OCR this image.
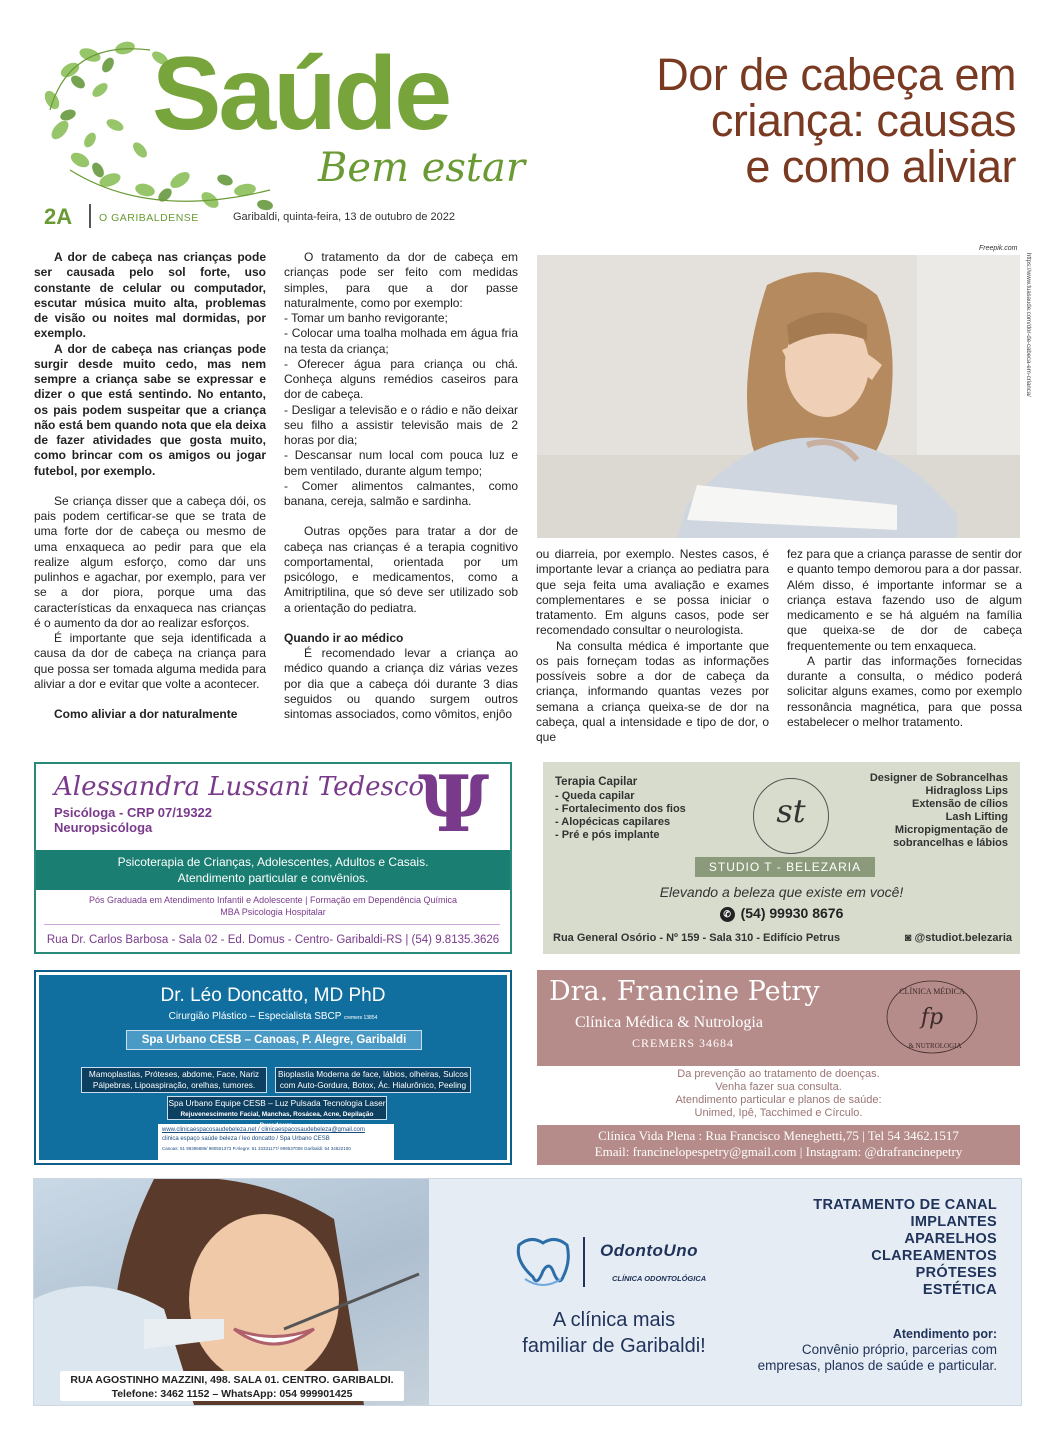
Saúde
Bem estar
2A	O GARIBALDENSE	Garibaldi, quinta-feira, 13 de outubro de 2022
Dor de cabeça em
criança: causas
e como aliviar

A dor de cabeça nas crianças pode ser causada pelo sol forte, uso constante de celular ou computador, escutar música muito alta, problemas de visão ou noites mal dormidas, por exemplo.

A dor de cabeça nas crianças pode surgir desde muito cedo, mas nem sempre a criança sabe se expressar e dizer o que está sentindo. No entanto, os pais podem suspeitar que a criança não está bem quando nota que ela deixa de fazer atividades que gosta muito, como brincar com os amigos ou jogar futebol, por exemplo.

Se criança disser que a cabeça dói, os pais podem certificar-se que se trata de uma forte dor de cabeça ou mesmo de uma enxaqueca ao pedir para que ela realize algum esforço, como dar uns pulinhos e agachar, por exemplo, para ver se a dor piora, porque uma das características da enxaqueca nas crianças é o aumento da dor ao realizar esforços.

É importante que seja identificada a causa da dor de cabeça na criança para que possa ser tomada alguma medida para aliviar a dor e evitar que volte a acontecer.

Como aliviar a dor naturalmente

O tratamento da dor de cabeça em crianças pode ser feito com medidas simples, para que a dor passe naturalmente, como por exemplo:

- Tomar um banho revigorante;

- Colocar uma toalha molhada em água fria na testa da criança;

- Oferecer água para criança ou chá. Conheça alguns remédios caseiros para dor de cabeça.

- Desligar a televisão e o rádio e não deixar seu filho a assistir televisão mais de 2 horas por dia;

- Descansar num local com pouca luz e bem ventilado, durante algum tempo;

- Comer alimentos calmantes, como banana, cereja, salmão e sardinha.

Outras opções para tratar a dor de cabeça nas crianças é a terapia cognitivo comportamental, orientada por um psicólogo, e medicamentos, como a Amitriptilina, que só deve ser utilizado sob a orientação do pediatra.

Quando ir ao médico

É recomendado levar a criança ao médico quando a criança diz várias vezes por dia que a cabeça dói durante 3 dias seguidos ou quando surgem outros sintomas associados, como vômitos, enjôo

Freepik.com
https://www.tuasaude.com/dor-de-cabeca-em-crianca/

ou diarreia, por exemplo. Nestes casos, é importante levar a criança ao pediatra para que seja feita uma avaliação e exames complementares e se possa iniciar o tratamento. Em alguns casos, pode ser recomendado consultar o neurologista.

Na consulta médica é importante que os pais forneçam todas as informações possíveis sobre a dor de cabeça da criança, informando quantas vezes por semana a criança queixa-se de dor na cabeça, qual a intensidade e tipo de dor, o que

fez para que a criança parasse de sentir dor e quanto tempo demorou para a dor passar. Além disso, é importante informar se a criança estava fazendo uso de algum medicamento e se há alguém na família que queixa-se de dor de cabeça frequentemente ou tem enxaqueca.

A partir das informações fornecidas durante a consulta, o médico poderá solicitar alguns exames, como por exemplo ressonância magnética, para que possa estabelecer o melhor tratamento.

Alessandra Lussani Tedesco
Psicóloga - CRP 07/19322
Neuropsicóloga	Ψ
Psicoterapia de Crianças, Adolescentes, Adultos e Casais.
Atendimento particular e convênios.
Pós Graduada em Atendimento Infantil e Adolescente | Formação em Dependência Química
MBA Psicologia Hospitalar
Rua Dr. Carlos Barbosa - Sala 02 - Ed. Domus - Centro- Garibaldi-RS | (54) 9.8135.3626
Terapia Capilar
- Queda capilar
- Fortalecimento dos fios
- Alopécicas capilares
- Pré e pós implante
Designer de Sobrancelhas
Hidragloss Lips
Extensão de cílios
Lash Lifting
Micropigmentação de
sobrancelhas e lábios
st
STUDIO T - BELEZARIA
Elevando a beleza que existe em você!
✆ (54) 99930 8676
Rua General Osório - Nº 159 - Sala 310 - Edifício Petrus	◙ @studiot.belezaria
Dr. Léo Doncatto, MD PhD
Cirurgião Plástico – Especialista SBCP cremers 13854
Spa Urbano CESB – Canoas, P. Alegre, Garibaldi
Mamoplastias, Próteses, abdome, Face, Nariz Pálpebras, Lipoaspiração, orelhas, tumores.
Bioplastia Moderna de face, lábios, olheiras, Sulcos com Auto-Gordura, Botox, Ác. Hialurônico, Peeling
Spa Urbano Equipe CESB – Luz Pulsada Tecnologia Laser
Rejuvenescimento Facial, Manchas, Rosácea, Acne, Depilação
www.clinicaespacosaudebeleza.net / clinicaespacosaudebeleza@gmail.com
clinica espaço saúde beleza / leo doncatto / Spa Urbano CESB
Canoas: 51 99396886/ 980501373 P.Alegre: 51 33331177/ 999537008 Garibaldi: 54 34622100
Dra. Francine Petry
Clínica Médica & Nutrologia
CREMERS 34684
CLÍNICA MÉDICA
fp
& NUTROLOGIA
Da prevenção ao tratamento de doenças.
Venha fazer sua consulta.
Atendimento particular e planos de saúde:
Unimed, Ipê, Tacchimed e Círculo.
Clínica Vida Plena : Rua Francisco Meneghetti,75 | Tel 54 3462.1517
Email: francinelopespetry@gmail.com | Instagram: @drafrancinepetry
RUA AGOSTINHO MAZZINI, 498. SALA 01. CENTRO. GARIBALDI.
Telefone: 3462 1152 – WhatsApp: 054 999901425
OdontoUno
CLÍNICA ODONTOLÓGICA
A clínica mais
familiar de Garibaldi!
TRATAMENTO DE CANAL
IMPLANTES
APARELHOS
CLAREAMENTOS
PRÓTESES
ESTÉTICA
Atendimento por:
Convênio próprio, parcerias com empresas, planos de saúde e particular.
